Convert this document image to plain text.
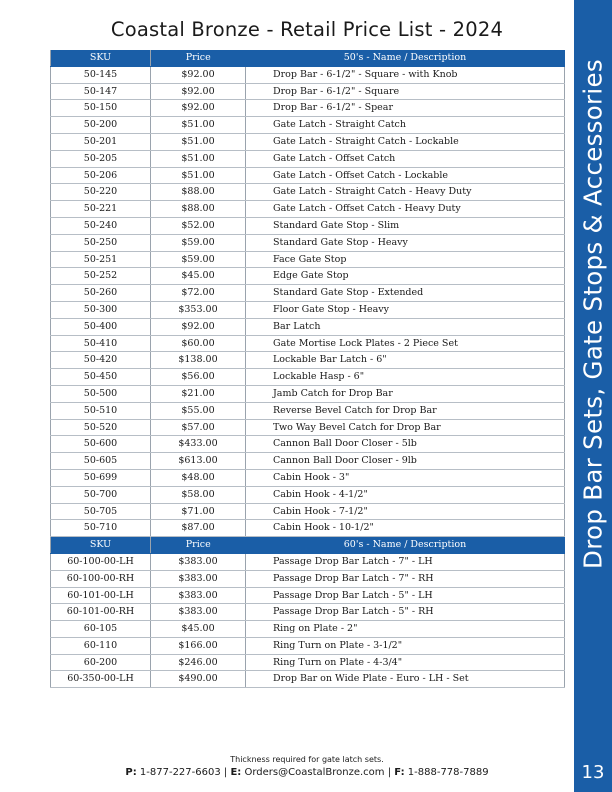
Coastal Bronze - Retail Price List - 2024
SKU	Price	50's - Name / Description
50-145	$92.00	Drop Bar - 6-1/2" - Square - with Knob
50-147	$92.00	Drop Bar - 6-1/2" - Square
50-150	$92.00	Drop Bar - 6-1/2" - Spear
50-200	$51.00	Gate Latch - Straight Catch
50-201	$51.00	Gate Latch - Straight Catch - Lockable
50-205	$51.00	Gate Latch - Offset Catch
50-206	$51.00	Gate Latch - Offset Catch - Lockable
50-220	$88.00	Gate Latch - Straight Catch - Heavy Duty
50-221	$88.00	Gate Latch - Offset Catch - Heavy Duty
50-240	$52.00	Standard Gate Stop - Slim
50-250	$59.00	Standard Gate Stop - Heavy
50-251	$59.00	Face Gate Stop
50-252	$45.00	Edge Gate Stop
50-260	$72.00	Standard Gate Stop - Extended
50-300	$353.00	Floor Gate Stop - Heavy
50-400	$92.00	Bar Latch
50-410	$60.00	Gate Mortise Lock Plates - 2 Piece Set
50-420	$138.00	Lockable Bar Latch - 6"
50-450	$56.00	Lockable Hasp - 6"
50-500	$21.00	Jamb Catch for Drop Bar
50-510	$55.00	Reverse Bevel Catch for Drop Bar
50-520	$57.00	Two Way Bevel Catch for Drop Bar
50-600	$433.00	Cannon Ball Door Closer - 5lb
50-605	$613.00	Cannon Ball Door Closer - 9lb
50-699	$48.00	Cabin Hook - 3"
50-700	$58.00	Cabin Hook - 4-1/2"
50-705	$71.00	Cabin Hook - 7-1/2"
50-710	$87.00	Cabin Hook - 10-1/2"
SKU	Price	60's - Name / Description
60-100-00-LH	$383.00	Passage Drop Bar Latch - 7" - LH
60-100-00-RH	$383.00	Passage Drop Bar Latch - 7" - RH
60-101-00-LH	$383.00	Passage Drop Bar Latch - 5" - LH
60-101-00-RH	$383.00	Passage Drop Bar Latch - 5" - RH
60-105	$45.00	Ring on Plate - 2"
60-110	$166.00	Ring Turn on Plate - 3-1/2"
60-200	$246.00	Ring Turn on Plate - 4-3/4"
60-350-00-LH	$490.00	Drop Bar on Wide Plate - Euro - LH - Set
Drop Bar Sets, Gate Stops & Accessories
13
Thickness required for gate latch sets.
P: 1-877-227-6603 | E: Orders@CoastalBronze.com | F: 1-888-778-7889
